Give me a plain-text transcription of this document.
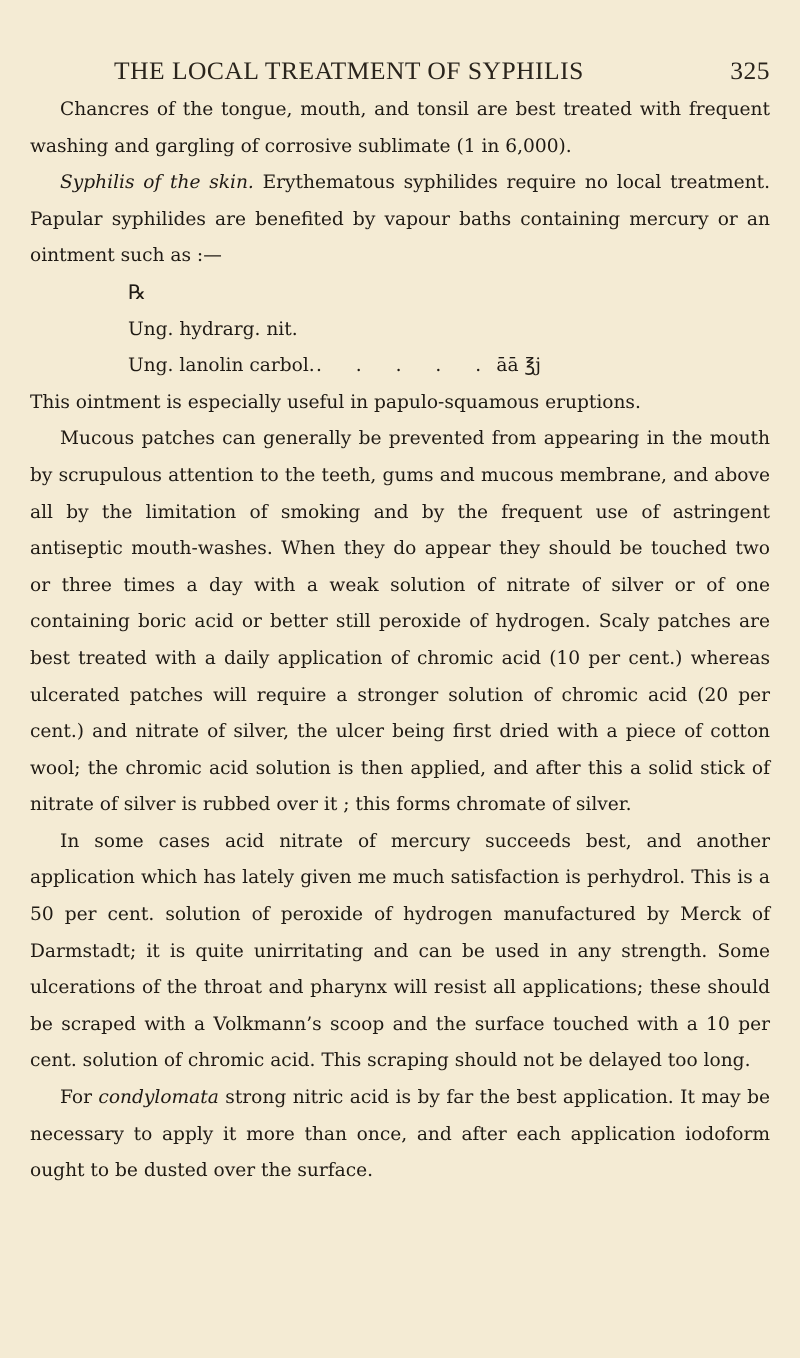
THE LOCAL TREATMENT OF SYPHILIS	325

Chancres of the tongue, mouth, and tonsil are best treated with frequent washing and gargling of corrosive sublimate (1 in 6,000).

Syphilis of the skin. Erythematous syphilides require no local treatment. Papular syphilides are benefited by vapour baths containing mercury or an ointment such as :—

℞
Ung. hydrarg. nit.
Ung. lanolin carbol. . . . . . āā ℥j

This ointment is especially useful in papulo-squamous eruptions.

Mucous patches can generally be prevented from appearing in the mouth by scrupulous attention to the teeth, gums and mucous membrane, and above all by the limitation of smoking and by the frequent use of astringent antiseptic mouth-washes. When they do appear they should be touched two or three times a day with a weak solution of nitrate of silver or of one containing boric acid or better still peroxide of hydrogen. Scaly patches are best treated with a daily application of chromic acid (10 per cent.) whereas ulcerated patches will require a stronger solution of chromic acid (20 per cent.) and nitrate of silver, the ulcer being first dried with a piece of cotton wool; the chromic acid solution is then applied, and after this a solid stick of nitrate of silver is rubbed over it ; this forms chromate of silver.

In some cases acid nitrate of mercury succeeds best, and another application which has lately given me much satisfaction is perhydrol. This is a 50 per cent. solution of peroxide of hydrogen manufactured by Merck of Darmstadt; it is quite unirritating and can be used in any strength. Some ulcerations of the throat and pharynx will resist all applications; these should be scraped with a Volkmann’s scoop and the surface touched with a 10 per cent. solution of chromic acid. This scraping should not be delayed too long.

For condylomata strong nitric acid is by far the best application. It may be necessary to apply it more than once, and after each application iodoform ought to be dusted over the surface.
